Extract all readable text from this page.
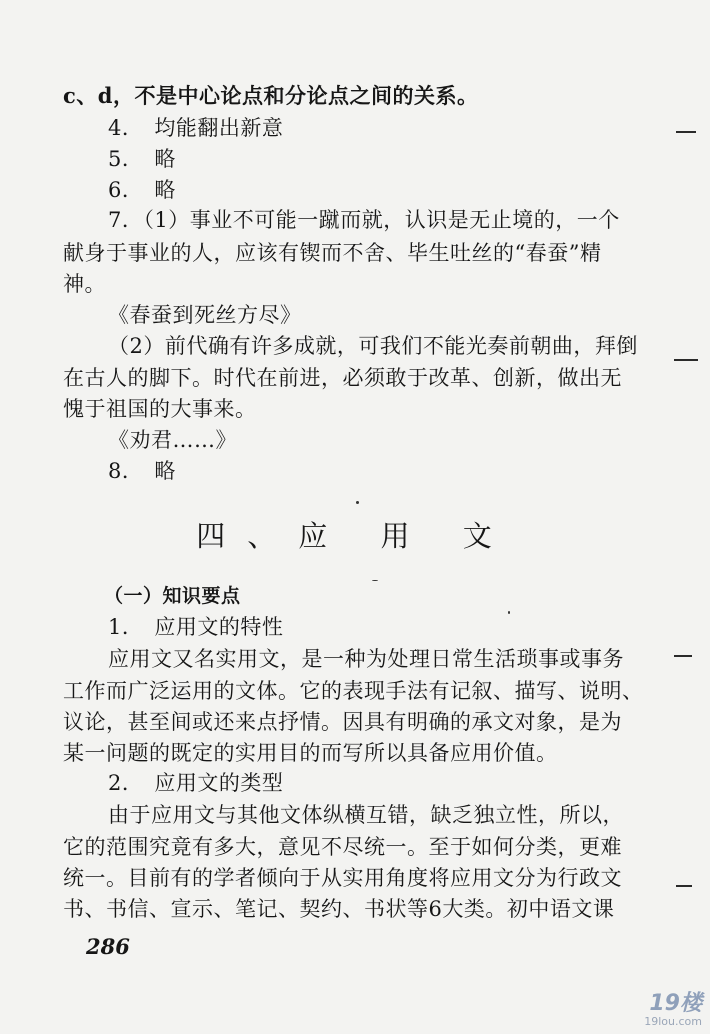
c、d，不是中心论点和分论点之间的关系。
4．　均能翻出新意
5．　略
6．　略
7．（1）事业不可能一蹴而就，认识是无止境的，一个
献身于事业的人，应该有锲而不舍、毕生吐丝的“春蚕”精
神。
《春蚕到死丝方尽》
（2）前代确有许多成就，可我们不能光奏前朝曲，拜倒
在古人的脚下。时代在前进，必须敢于改革、创新，做出无
愧于祖国的大事来。
《劝君……》
8．　略
四、应 用 文
（一）知识要点
1．　应用文的特性
应用文又名实用文，是一种为处理日常生活琐事或事务
工作而广泛运用的文体。它的表现手法有记叙、描写、说明、
议论，甚至间或还来点抒情。因具有明确的承文对象，是为
某一问题的既定的实用目的而写所以具备应用价值。
2．　应用文的类型
由于应用文与其他文体纵横互错，缺乏独立性，所以，
它的范围究竟有多大，意见不尽统一。至于如何分类，更难
统一。目前有的学者倾向于从实用角度将应用文分为行政文
书、书信、宣示、笔记、契约、书状等6大类。初中语文课
286
19楼
19lou.com
